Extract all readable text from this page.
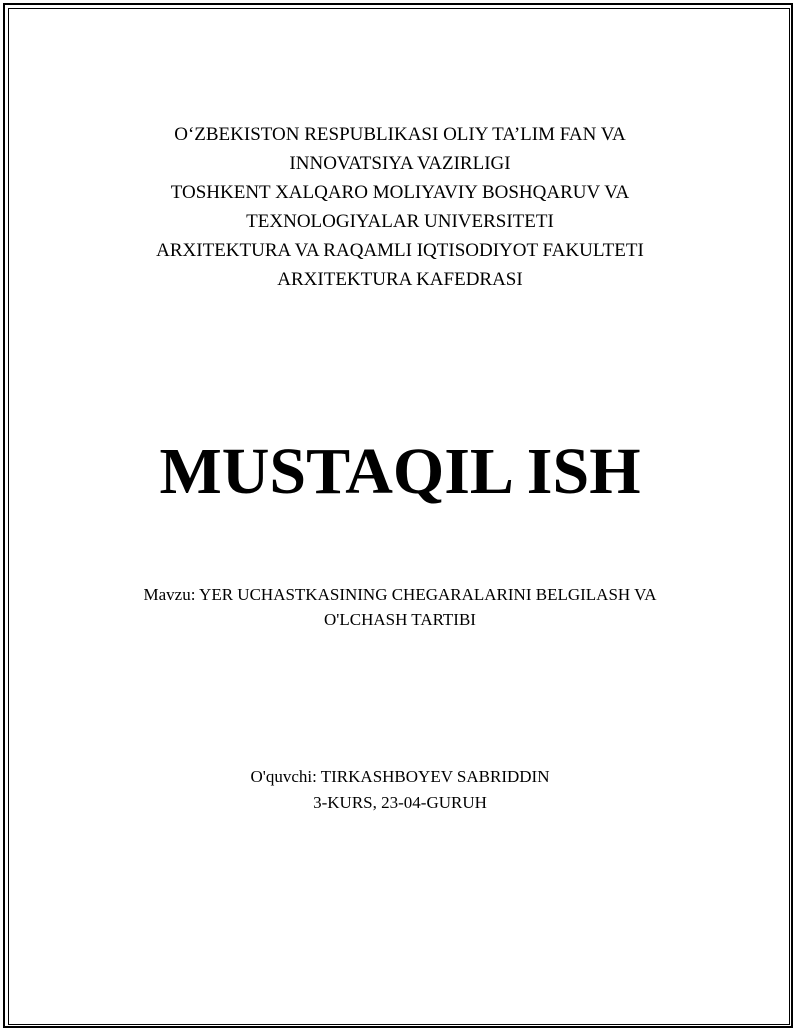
O‘ZBEKISTON RESPUBLIKASI OLIY TA’LIM FAN VA
INNOVATSIYA VAZIRLIGI
TOSHKENT XALQARO MOLIYAVIY BOSHQARUV VA
TEXNOLOGIYALAR UNIVERSITETI
ARXITEKTURA VA RAQAMLI IQTISODIYOT FAKULTETI
ARXITEKTURA KAFEDRASI
MUSTAQIL ISH
Mavzu: YER UCHASTKASINING CHEGARALARINI BELGILASH VA
O'LCHASH TARTIBI
O'quvchi: TIRKASHBOYEV SABRIDDIN
3-KURS, 23-04-GURUH
